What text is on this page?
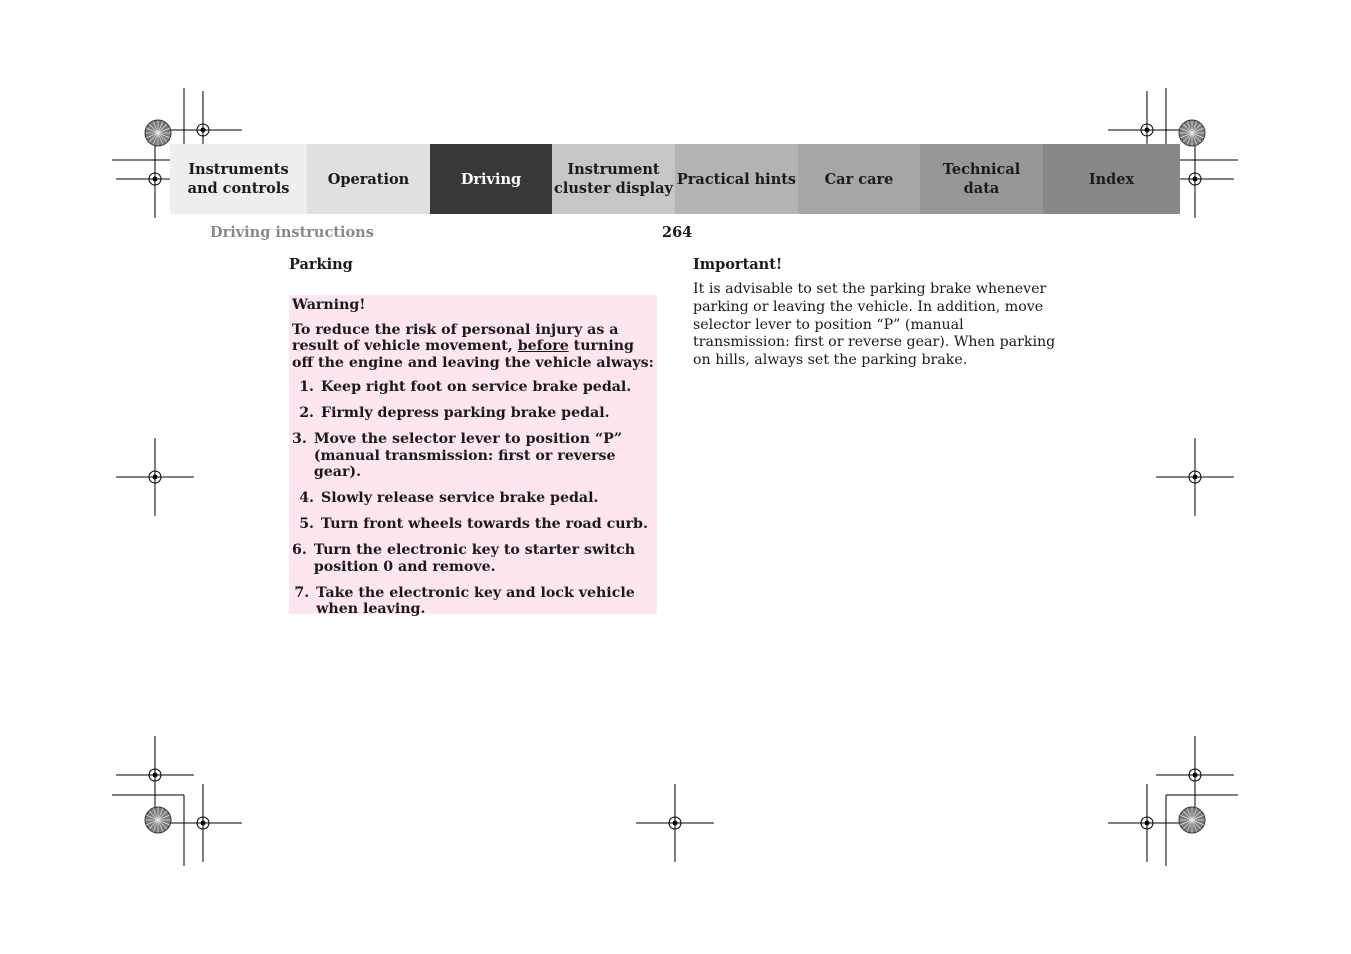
Instruments
and controls
Operation	Driving
Instrument
cluster display
Practical hints	Car care
Technical
data
Index
Driving instructions	264
Parking
Warning!
To reduce the risk of personal injury as a result of vehicle movement, before turning off the engine and leaving the vehicle always:
1. Keep right foot on service brake pedal.
2. Firmly depress parking brake pedal.
3. Move the selector lever to position “P” (manual transmission: first or reverse gear).
4. Slowly release service brake pedal.
5. Turn front wheels towards the road curb.
6. Turn the electronic key to starter switch position 0 and remove.
7. Take the electronic key and lock vehicle when leaving.
Important!
It is advisable to set the parking brake whenever parking or leaving the vehicle. In addition, move selector lever to position “P” (manual transmission: first or reverse gear). When parking on hills, always set the parking brake.
